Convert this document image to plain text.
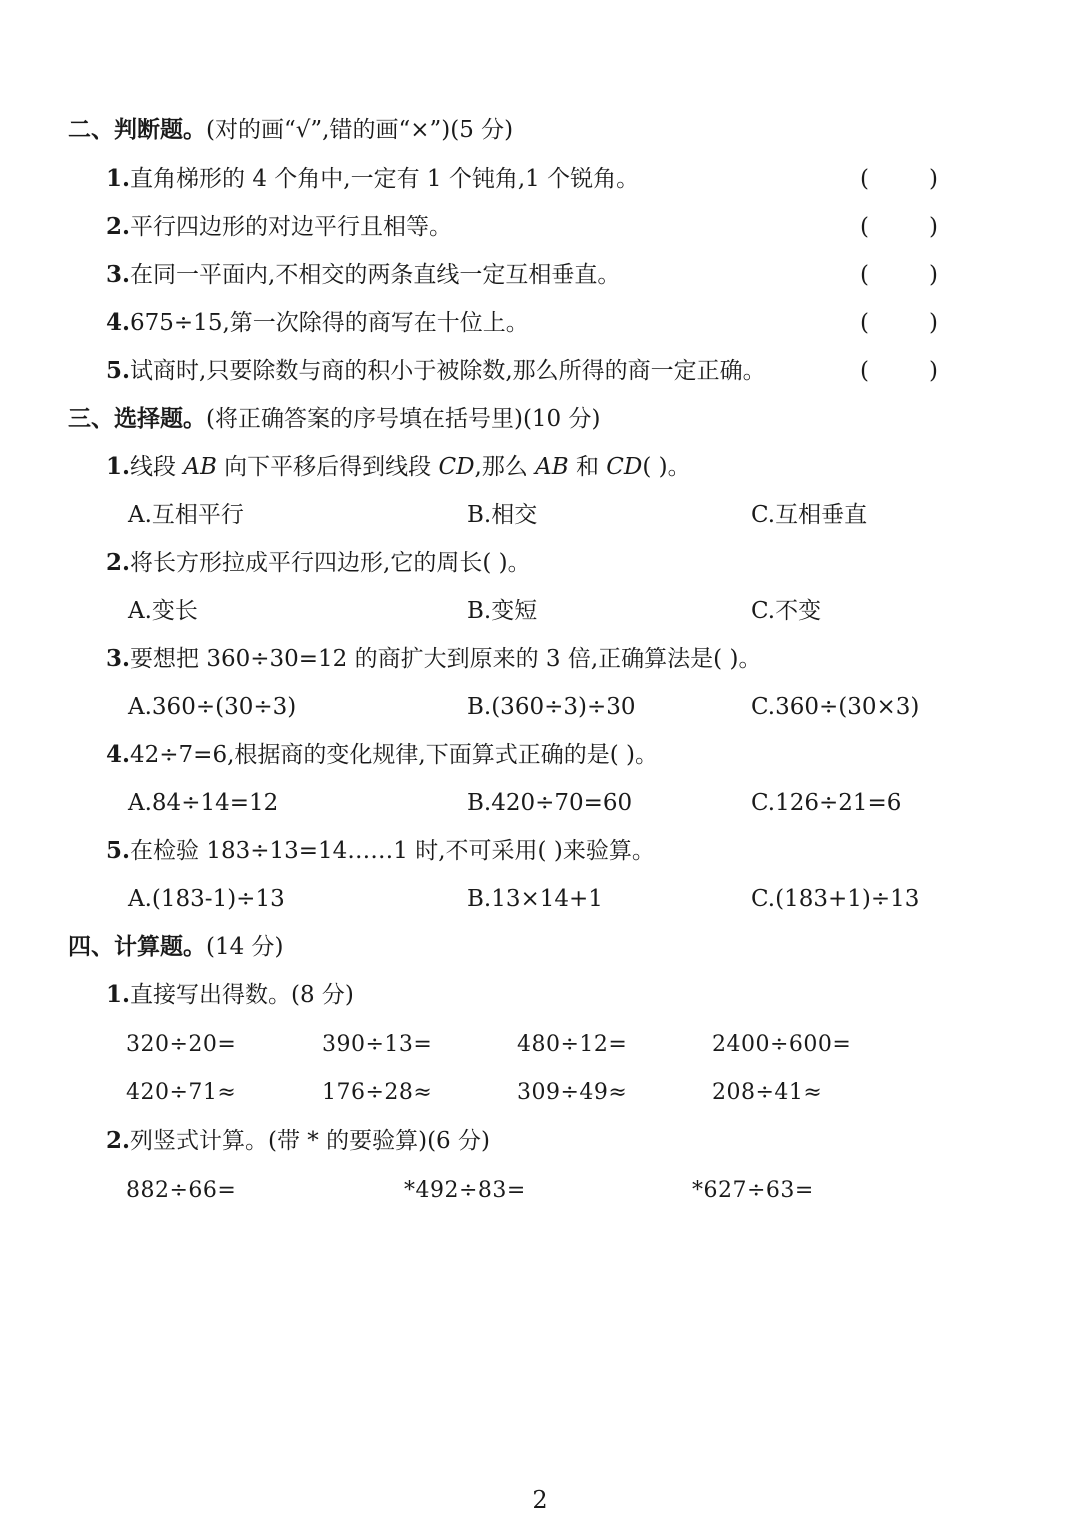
二、判断题。(对的画“√”,错的画“×”)(5 分)
1.直角梯形的 4 个角中,一定有 1 个钝角,1 个锐角。	(	)
2.平行四边形的对边平行且相等。	(	)
3.在同一平面内,不相交的两条直线一定互相垂直。	(	)
4.675÷15,第一次除得的商写在十位上。	(	)
5.试商时,只要除数与商的积小于被除数,那么所得的商一定正确。	(	)
三、选择题。(将正确答案的序号填在括号里)(10 分)
1.线段 AB 向下平移后得到线段 CD,那么 AB 和 CD( )。
A.互相平行	B.相交	C.互相垂直
2.将长方形拉成平行四边形,它的周长( )。
A.变长	B.变短	C.不变
3.要想把 360÷30=12 的商扩大到原来的 3 倍,正确算法是( )。
A.360÷(30÷3)	B.(360÷3)÷30	C.360÷(30×3)
4.42÷7=6,根据商的变化规律,下面算式正确的是( )。
A.84÷14=12	B.420÷70=60	C.126÷21=6
5.在检验 183÷13=14……1 时,不可采用( )来验算。
A.(183-1)÷13	B.13×14+1	C.(183+1)÷13
四、计算题。(14 分)
1.直接写出得数。(8 分)
320÷20=	390÷13=	480÷12=	2400÷600=
420÷71≈	176÷28≈	309÷49≈	208÷41≈
2.列竖式计算。(带 * 的要验算)(6 分)
882÷66=	*492÷83=	*627÷63=
2
